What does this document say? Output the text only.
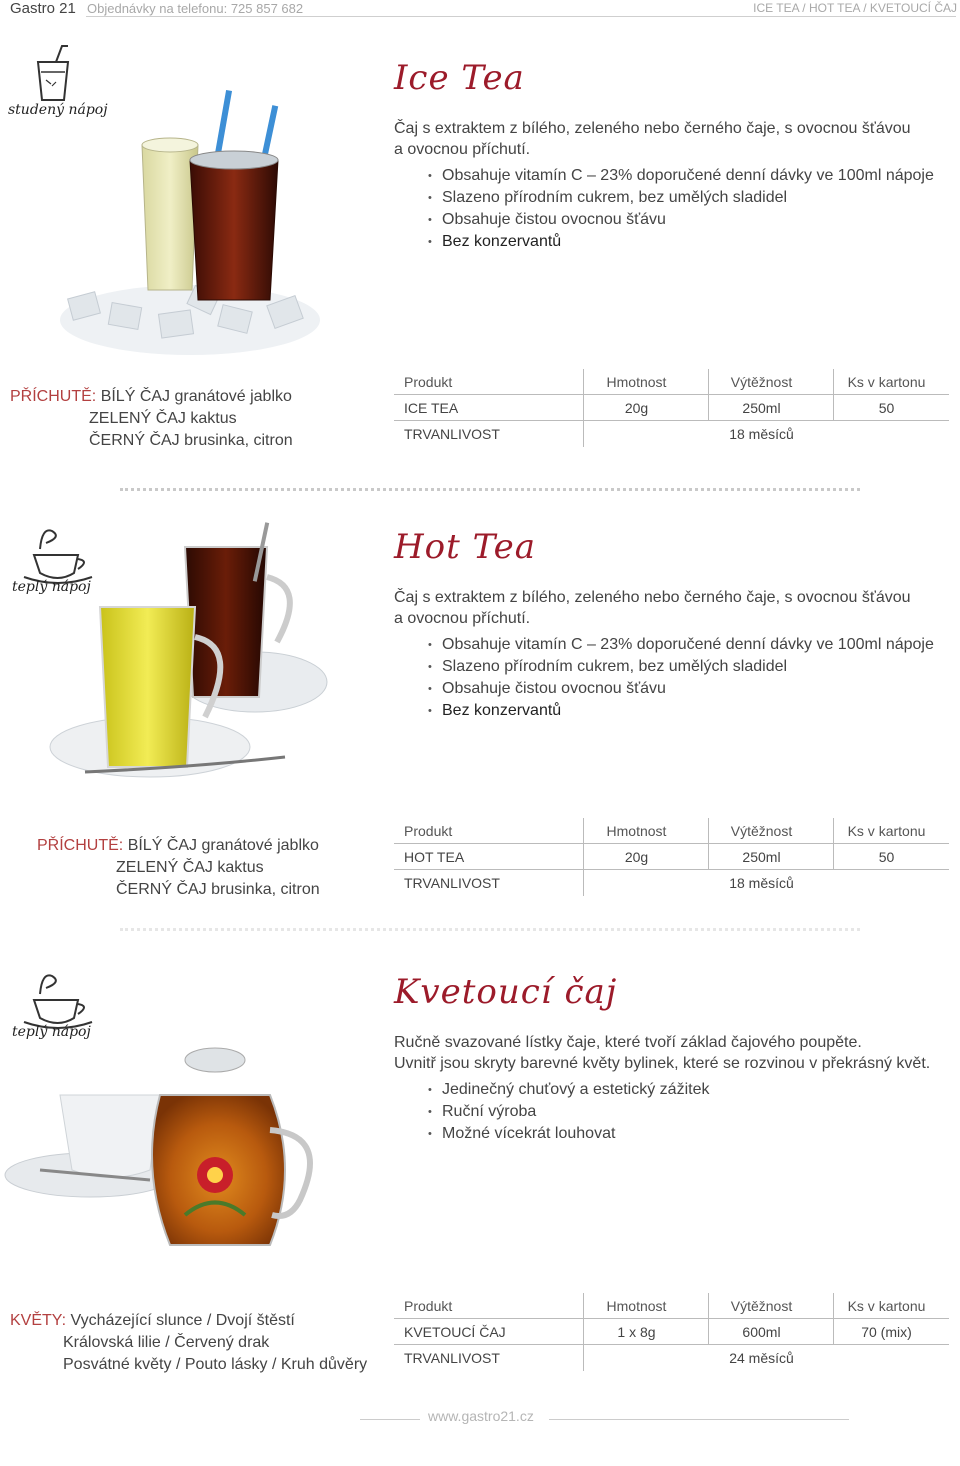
Gastro 21 Objednávky na telefonu: 725 857 682	ICE TEA / HOT TEA / KVETOUCÍ ČAJ
studený nápoj
Ice Tea
Čaj s extraktem z bílého, zeleného nebo černého čaje, s ovocnou šťávou
a ovocnou příchutí.
• Obsahuje vitamín C – 23% doporučené denní dávky ve 100ml nápoje
• Slazeno přírodním cukrem, bez umělých sladidel
• Obsahuje čistou ovocnou šťávu
• Bez konzervantů
PŘÍCHUTĚ: BÍLÝ ČAJ granátové jablko
ZELENÝ ČAJ kaktus
ČERNÝ ČAJ brusinka, citron
Produkt	Hmotnost	Výtěžnost	Ks v kartonu
ICE TEA	20g	250ml	50
TRVANLIVOST	18 měsíců
teplý nápoj
Hot Tea
Čaj s extraktem z bílého, zeleného nebo černého čaje, s ovocnou šťávou
a ovocnou příchutí.
• Obsahuje vitamín C – 23% doporučené denní dávky ve 100ml nápoje
• Slazeno přírodním cukrem, bez umělých sladidel
• Obsahuje čistou ovocnou šťávu
• Bez konzervantů
PŘÍCHUTĚ: BÍLÝ ČAJ granátové jablko
ZELENÝ ČAJ kaktus
ČERNÝ ČAJ brusinka, citron
Produkt	Hmotnost	Výtěžnost	Ks v kartonu
HOT TEA	20g	250ml	50
TRVANLIVOST	18 měsíců
teplý nápoj
Kvetoucí čaj
Ručně svazované lístky čaje, které tvoří základ čajového poupěte.
Uvnitř jsou skryty barevné květy bylinek, které se rozvinou v překrásný květ.
• Jedinečný chuťový a estetický zážitek
• Ruční výroba
• Možné vícekrát louhovat
KVĚTY: Vycházející slunce / Dvojí štěstí
Královská lilie / Červený drak
Posvátné květy / Pouto lásky / Kruh důvěry
Produkt	Hmotnost	Výtěžnost	Ks v kartonu
KVETOUCÍ ČAJ	1 x 8g	600ml	70 (mix)
TRVANLIVOST	24 měsíců
www.gastro21.cz
